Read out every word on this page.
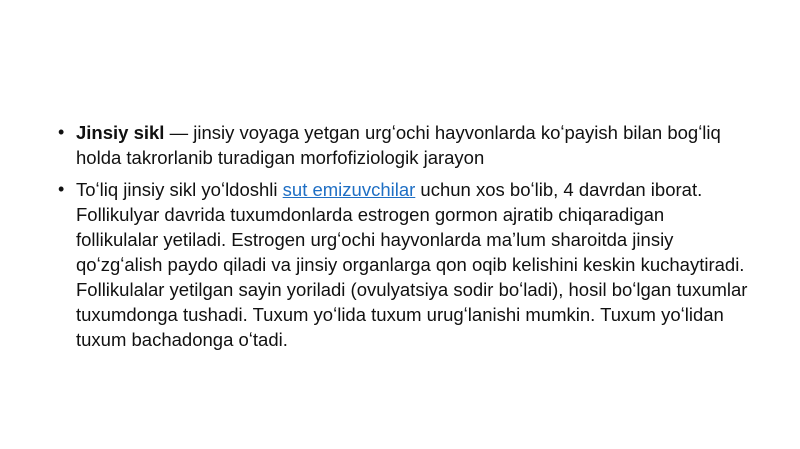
• Jinsiy sikl — jinsiy voyaga yetgan urgʻochi hayvonlarda koʻpayish bilan bogʻliq holda takrorlanib turadigan morfofiziologik jarayon
• Toʻliq jinsiy sikl yoʻldoshli sut emizuvchilar uchun xos boʻlib, 4 davrdan iborat. Follikulyar davrida tuxumdonlarda estrogen gormon ajratib chiqaradigan follikulalar yetiladi. Estrogen urgʻochi hayvonlarda maʼlum sharoitda jinsiy qoʻzgʻalish paydo qiladi va jinsiy organlarga qon oqib kelishini keskin kuchaytiradi. Follikulalar yetilgan sayin yoriladi (ovulyatsiya sodir boʻladi), hosil boʻlgan tuxumlar tuxumdonga tushadi. Tuxum yoʻlida tuxum urugʻlanishi mumkin. Tuxum yoʻlidan tuxum bachadonga oʻtadi.
